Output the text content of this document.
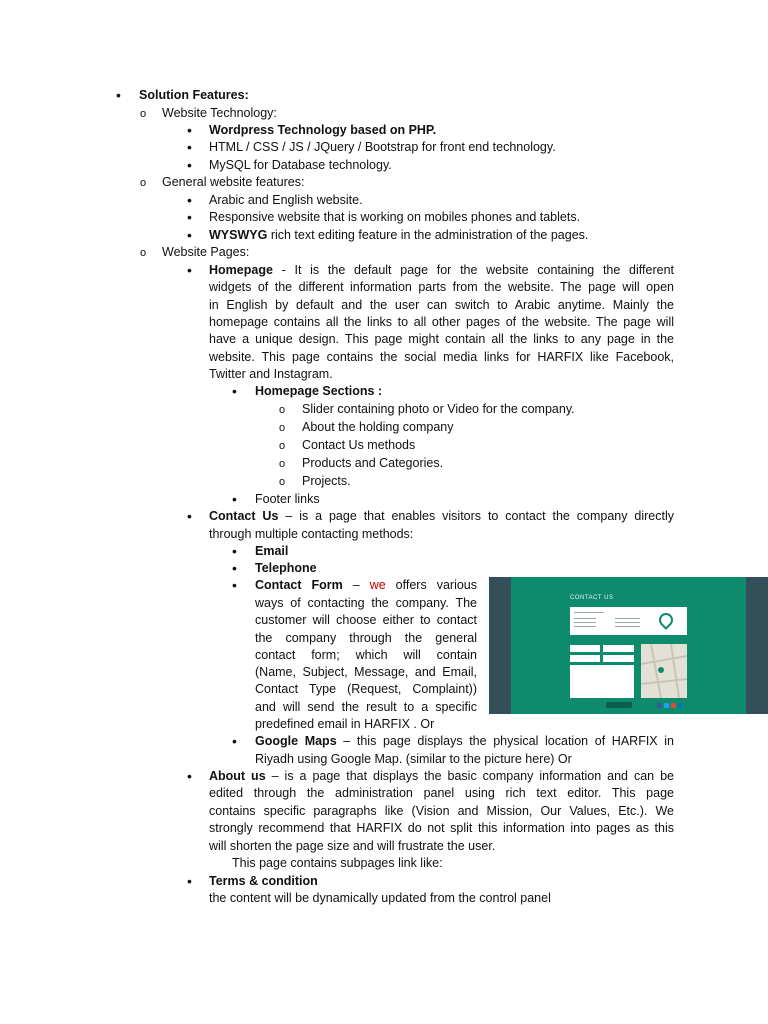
•
Solution Features:
o
Website Technology:
•
Wordpress Technology based on PHP.
•
HTML / CSS / JS / JQuery / Bootstrap for front end technology.
•
MySQL for Database technology.
o
General website features:
•
Arabic and English website.
•
Responsive website that is working on mobiles phones and tablets.
•
WYSWYG rich text editing feature in the administration of the pages.
o
Website Pages:
•
Homepage - It is the default page for the website containing the different
widgets of the different information parts from the website. The page will open
in English by default and the user can switch to Arabic anytime. Mainly the
homepage contains all the links to all other pages of the website. The page will
have a unique design. This page might contain all the links to any page in the
website. This page contains the social media links for HARFIX like Facebook,
Twitter and Instagram.
•
Homepage Sections :
o
Slider containing photo or Video for the company.
o
About the holding company
o
Contact Us methods
o
Products and Categories.
o
Projects.
•
Footer links
•
Contact Us – is a page that enables visitors to contact the company directly
through multiple contacting methods:
•
Email
•
Telephone
•
Contact Form – we offers various
ways of contacting the company. The
customer will choose either to contact
the company through the general
contact form; which will contain
(Name, Subject, Message, and Email,
Contact Type (Request, Complaint))
and will send the result to a specific
predefined email in HARFIX . Or
CONTACT US
•
Google Maps – this page displays the physical location of HARFIX in
Riyadh using Google Map. (similar to the picture here) Or
•
About us – is a page that displays the basic company information and can be
edited through the administration panel using rich text editor. This page
contains specific paragraphs like (Vision and Mission, Our Values, Etc.). We
strongly recommend that HARFIX do not split this information into pages as this
will shorten the page size and will frustrate the user.
This page contains subpages link like:
•
Terms & condition
the content will be dynamically updated from the control panel
